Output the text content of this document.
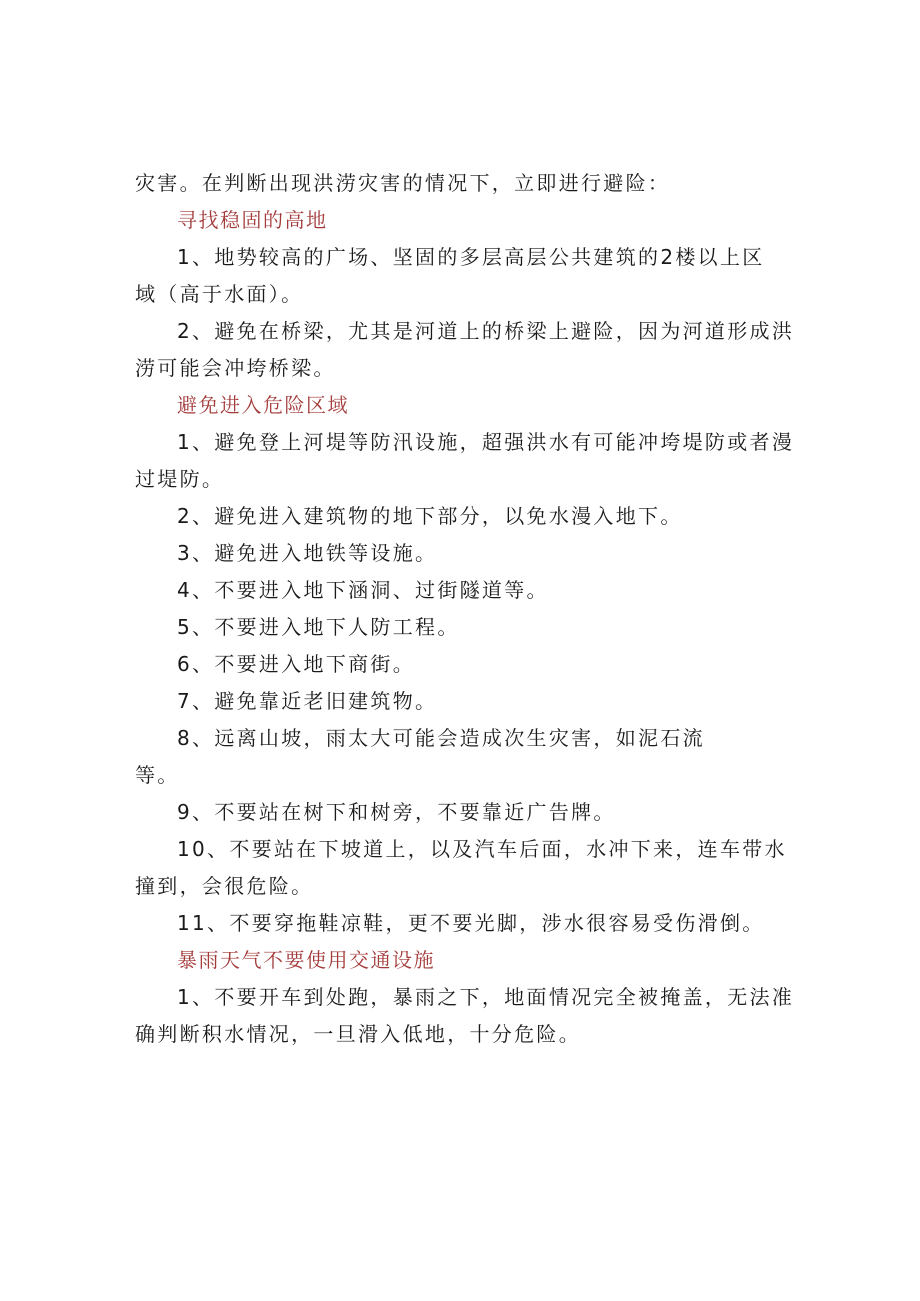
灾害。在判断出现洪涝灾害的情况下，立即进行避险：
寻找稳固的高地
1、地势较高的广场、坚固的多层高层公共建筑的2楼以上区
域（高于水面）。
2、避免在桥梁，尤其是河道上的桥梁上避险，因为河道形成洪
涝可能会冲垮桥梁。
避免进入危险区域
1、避免登上河堤等防汛设施，超强洪水有可能冲垮堤防或者漫
过堤防。
2、避免进入建筑物的地下部分，以免水漫入地下。
3、避免进入地铁等设施。
4、不要进入地下涵洞、过街隧道等。
5、不要进入地下人防工程。
6、不要进入地下商街。
7、避免靠近老旧建筑物。
8、远离山坡，雨太大可能会造成次生灾害，如泥石流
等。
9、不要站在树下和树旁，不要靠近广告牌。
10、不要站在下坡道上，以及汽车后面，水冲下来，连车带水
撞到，会很危险。
11、不要穿拖鞋凉鞋，更不要光脚，涉水很容易受伤滑倒。
暴雨天气不要使用交通设施
1、不要开车到处跑，暴雨之下，地面情况完全被掩盖，无法准
确判断积水情况，一旦滑入低地，十分危险。
